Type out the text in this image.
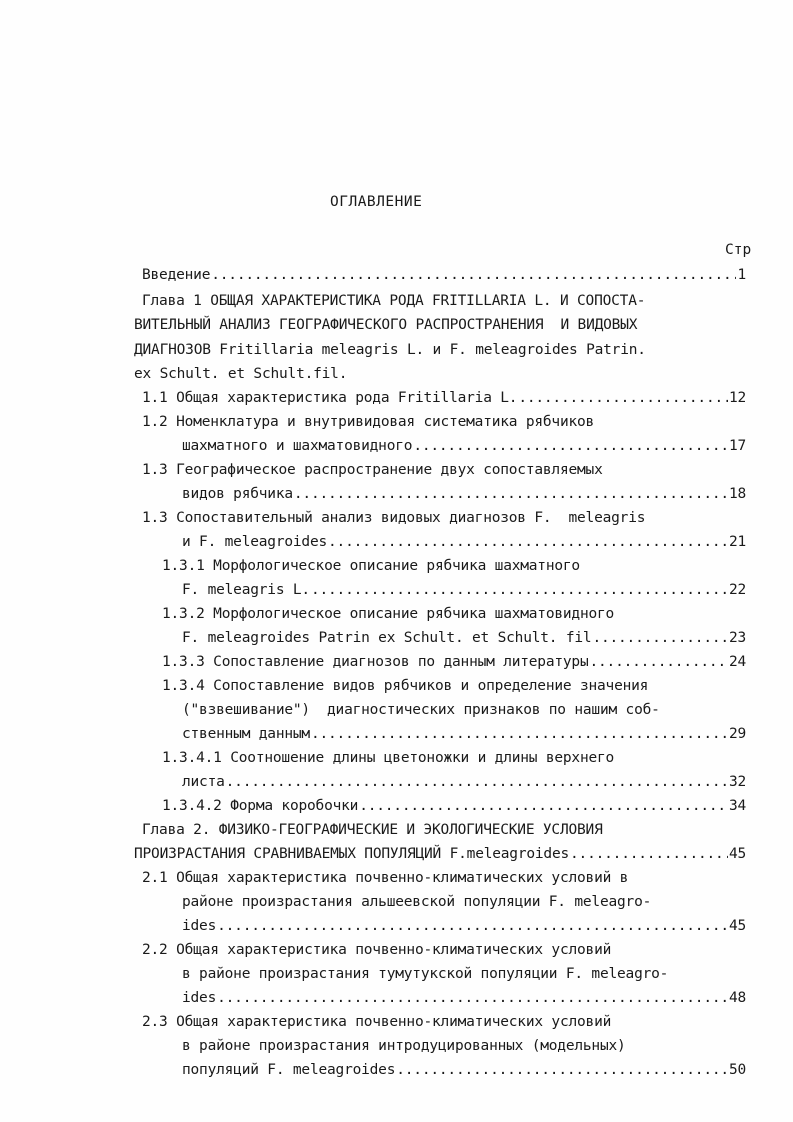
ОГЛАВЛЕНИЕ
Стр
Введение .....	1
Глава 1 ОБЩАЯ ХАРАКТЕРИСТИКА РОДА FRITILLARIA L. И СОПОСТА-
ВИТЕЛЬНЫЙ АНАЛИЗ ГЕОГРАФИЧЕСКОГО РАСПРОСТРАНЕНИЯ  И ВИДОВЫХ
ДИАГНОЗОВ Fritillaria meleagris L. и F. meleagroides Patrin.
ex Schult. et Schult.fil.
1.1 Общая характеристика рода Fritillaria L. .....	12
1.2 Номенклатура и внутривидовая систематика рябчиков
шахматного и шахматовидного .....	17
1.3 Географическое распространение двух сопоставляемых
видов рябчика .....	18
1.3 Сопоставительный анализ видовых диагнозов F.  meleagris
и F. meleagroides .....	21
1.3.1 Морфологическое описание рябчика шахматного
F. meleagris L. .....	22
1.3.2 Морфологическое описание рябчика шахматовидного
F. meleagroides Patrin ex Schult. et Schult. fil .....	23
1.3.3 Сопоставление диагнозов по данным литературы .....	24
1.3.4 Сопоставление видов рябчиков и определение значения
("взвешивание")  диагностических признаков по нашим соб-
ственным данным .....	29
1.3.4.1 Соотношение длины цветоножки и длины верхнего
листа .....	32
1.3.4.2 Форма коробочки .....	34
Глава 2. ФИЗИКО-ГЕОГРАФИЧЕСКИЕ И ЭКОЛОГИЧЕСКИЕ УСЛОВИЯ
ПРОИЗРАСТАНИЯ СРАВНИВАЕМЫХ ПОПУЛЯЦИЙ F.meleagroides .....	45
2.1 Общая характеристика почвенно-климатических условий в
районе произрастания альшеевской популяции F. meleagro-
ides .....	45
2.2 Общая характеристика почвенно-климатических условий
в районе произрастания тумутукской популяции F. meleagro-
ides .....	48
2.3 Общая характеристика почвенно-климатических условий
в районе произрастания интродуцированных (модельных)
популяций F. meleagroides .....	50
